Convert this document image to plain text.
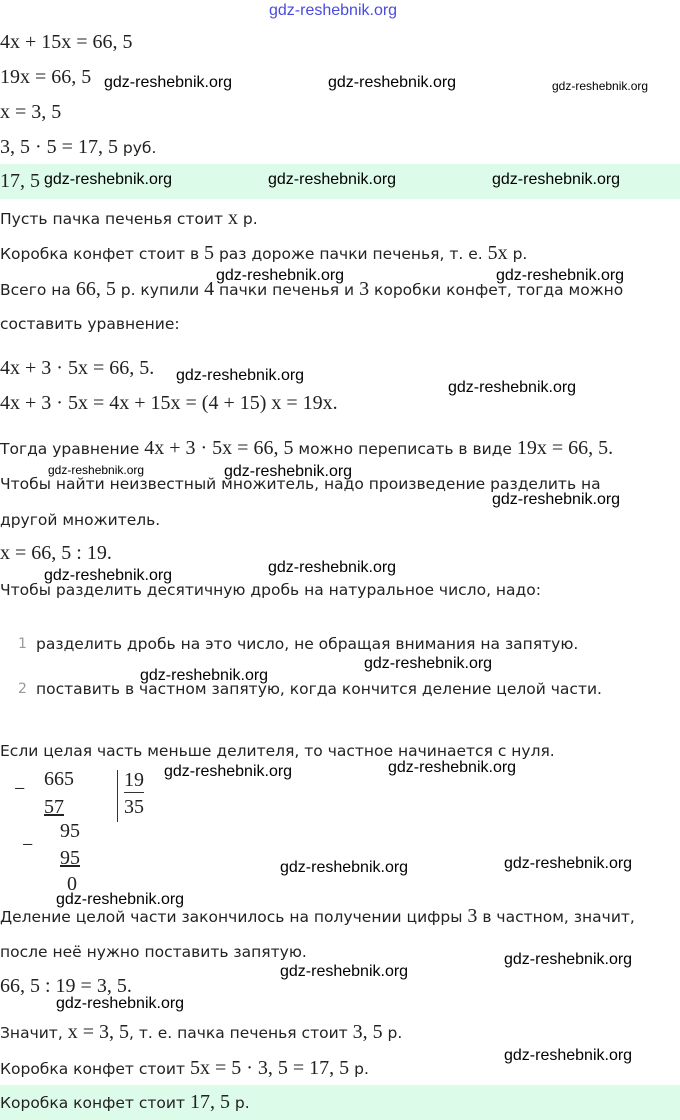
4x + 15x = 66, 5
19x = 66, 5
x = 3, 5
3, 5 · 5 = 17, 5 руб.
17, 5
Пусть пачка печенья стоит x р.
Коробка конфет стоит в 5 раз дороже пачки печенья, т. е. 5x р.
Всего на 66, 5 р. купили 4 пачки печенья и 3 коробки конфет, тогда можно
составить уравнение:
4x + 3 · 5x = 66, 5.
4x + 3 · 5x = 4x + 15x = (4 + 15) x = 19x.
Тогда уравнение 4x + 3 · 5x = 66, 5 можно переписать в виде 19x = 66, 5.
Чтобы найти неизвестный множитель, надо произведение разделить на
другой множитель.
x = 66, 5 : 19.
Чтобы разделить десятичную дробь на натуральное число, надо:
1 разделить дробь на это число, не обращая внимания на запятую.
2 поставить в частном запятую, когда кончится деление целой части.
Если целая часть меньше делителя, то частное начинается с нуля.
Деление целой части закончилось на получении цифры 3 в частном, значит,
после неё нужно поставить запятую.
66, 5 : 19 = 3, 5.
Значит, x = 3, 5, т. е. пачка печенья стоит 3, 5 р.
Коробка конфет стоит 5x = 5 · 3, 5 = 17, 5 р.
Коробка конфет стоит 17, 5 р.
− 665
57
19
35
95
−
95
0
gdz-reshebnik.org
gdz-reshebnik.org	gdz-reshebnik.org	gdz-reshebnik.org
gdz-reshebnik.org	gdz-reshebnik.org	gdz-reshebnik.org
gdz-reshebnik.org	gdz-reshebnik.org
gdz-reshebnik.org
gdz-reshebnik.org
gdz-reshebnik.org	gdz-reshebnik.org
gdz-reshebnik.org
gdz-reshebnik.org	gdz-reshebnik.org
gdz-reshebnik.org
gdz-reshebnik.org
gdz-reshebnik.org	gdz-reshebnik.org
gdz-reshebnik.org	gdz-reshebnik.org
gdz-reshebnik.org
gdz-reshebnik.org
gdz-reshebnik.org
gdz-reshebnik.org
gdz-reshebnik.org
